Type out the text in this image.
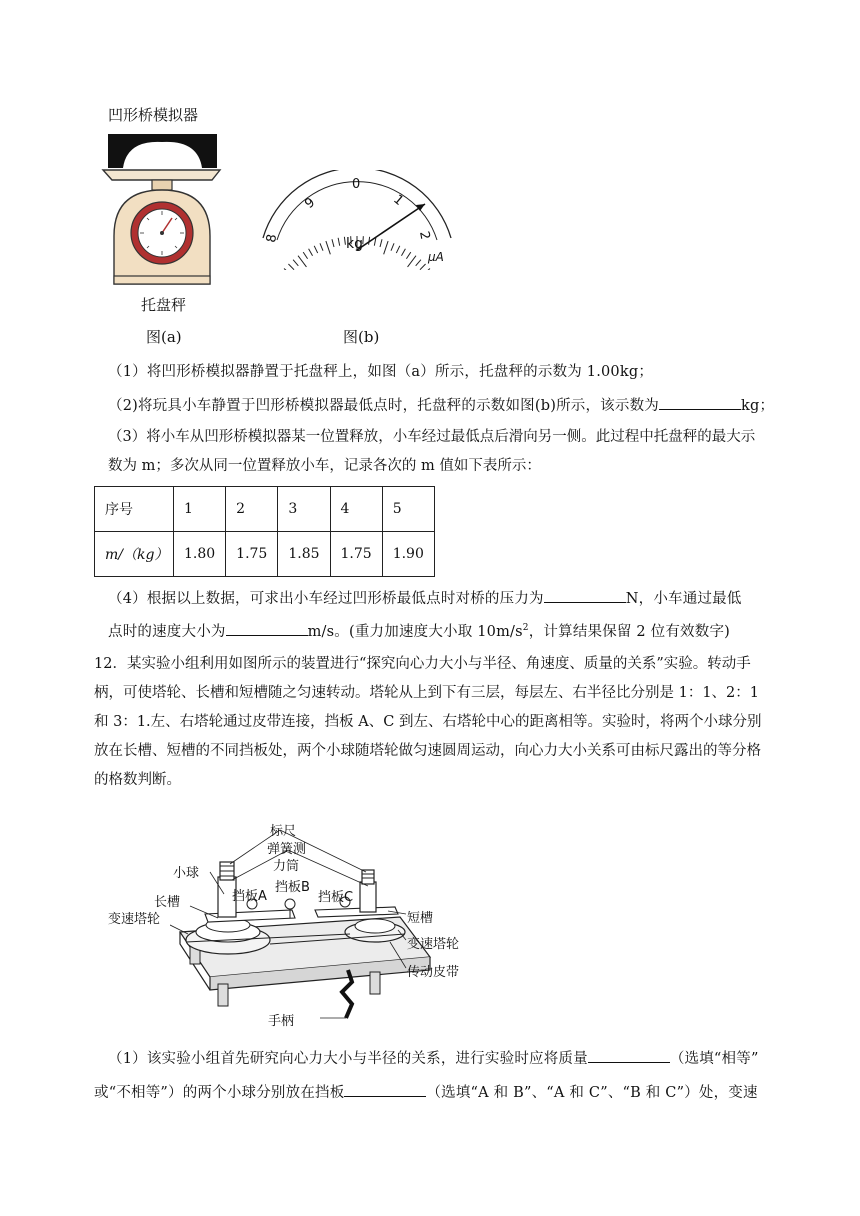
凹形桥模拟器
托盘秤
图(a)
8
9
0
1
2
kg
μA
图(b)
（1）将凹形桥模拟器静置于托盘秤上，如图（a）所示，托盘秤的示数为 1.00kg；
（2)将玩具小车静置于凹形桥模拟器最低点时，托盘秤的示数如图(b)所示，该示数为	kg；
（3）将小车从凹形桥模拟器某一位置释放，小车经过最低点后滑向另一侧。此过程中托盘秤的最大示数为 m；多次从同一位置释放小车，记录各次的 m 值如下表所示：
序号	1	2	3	4	5
m/（kg）	1.80	1.75	1.85	1.75	1.90
（4）根据以上数据，可求出小车经过凹形桥最低点时对桥的压力为	N，小车通过最低
点时的速度大小为	m/s。(重力加速度大小取 $10m/s^2$，计算结果保留 2 位有效数字)
12．某实验小组利用如图所示的装置进行“探究向心力大小与半径、角速度、质量的关系”实验。转动手柄，可使塔轮、长槽和短槽随之匀速转动。塔轮从上到下有三层，每层左、右半径比分别是 1：1、2：1 和 3：1.左、右塔轮通过皮带连接，挡板 A、C 到左、右塔轮中心的距离相等。实验时，将两个小球分别放在长槽、短槽的不同挡板处，两个小球随塔轮做匀速圆周运动，向心力大小关系可由标尺露出的等分格的格数判断。
标尺
弹簧测
力筒
小球
挡板A
挡板B
挡板C
长槽
短槽
变速塔轮
变速塔轮
传动皮带
手柄
（1）该实验小组首先研究向心力大小与半径的关系，进行实验时应将质量	（选填“相等”
或“不相等”）的两个小球分别放在挡板	（选填“A 和 B”、“A 和 C”、“B 和 C”）处，变速
